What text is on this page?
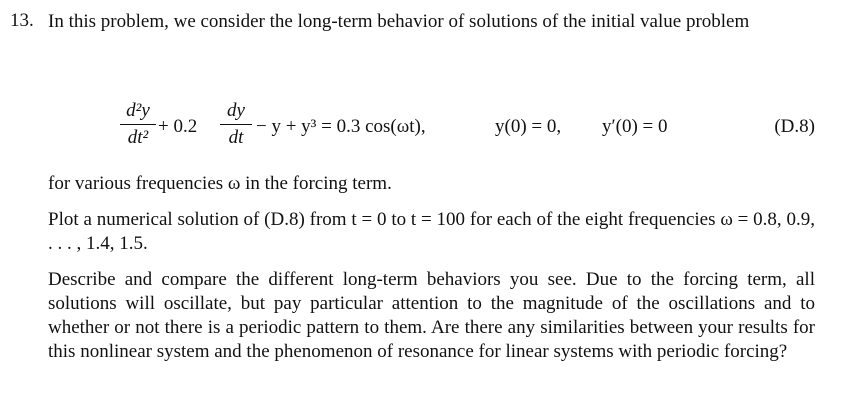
13. In this problem, we consider the long-term behavior of solutions of the initial value problem
d²y
dt²
+ 0.2
dy
dt
− y + y³ = 0.3 cos(ωt),	y(0) = 0, y′(0) = 0	(D.8)
for various frequencies ω in the forcing term.
Plot a numerical solution of (D.8) from t = 0 to t = 100 for each of the eight frequencies ω = 0.8, 0.9, . . . , 1.4, 1.5.
Describe and compare the different long-term behaviors you see. Due to the forcing term, all solutions will oscillate, but pay particular attention to the magnitude of the oscillations and to whether or not there is a periodic pattern to them. Are there any similarities between your results for this nonlinear system and the phenomenon of resonance for linear systems with periodic forcing?
